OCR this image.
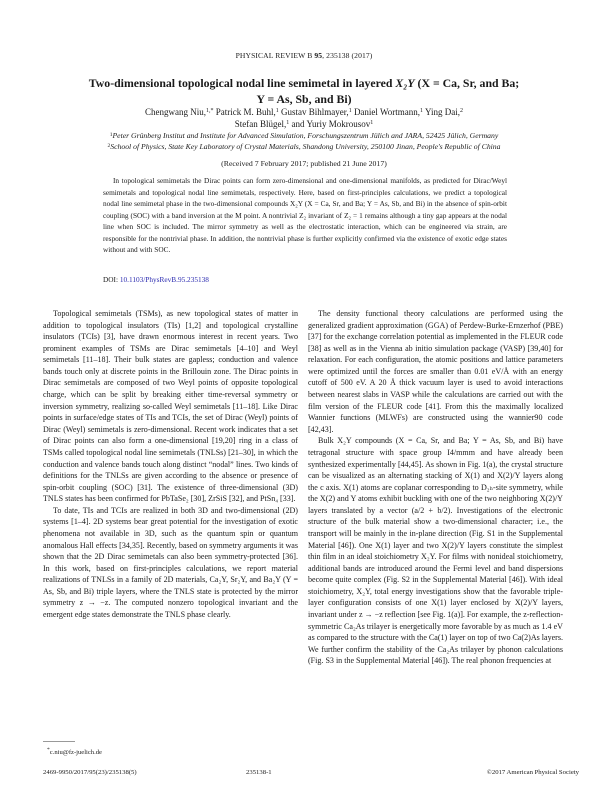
PHYSICAL REVIEW B 95, 235138 (2017)
Two-dimensional topological nodal line semimetal in layered X₂Y (X = Ca, Sr, and Ba;
Y = As, Sb, and Bi)
Chengwang Niu,$^{1,*}$ Patrick M. Buhl,$^1$ Gustav Bihlmayer,$^1$ Daniel Wortmann,$^1$ Ying Dai,$^2$
Stefan Blügel,$^1$ and Yuriy Mokrousov$^1$
$^1$Peter Grünberg Institut and Institute for Advanced Simulation, Forschungszentrum Jülich and JARA, 52425 Jülich, Germany
$^2$School of Physics, State Key Laboratory of Crystal Materials, Shandong University, 250100 Jinan, People's Republic of China
(Received 7 February 2017; published 21 June 2017)
In topological semimetals the Dirac points can form zero-dimensional and one-dimensional manifolds, as predicted for Dirac/Weyl semimetals and topological nodal line semimetals, respectively. Here, based on first-principles calculations, we predict a topological nodal line semimetal phase in the two-dimensional compounds X₂Y (X = Ca, Sr, and Ba; Y = As, Sb, and Bi) in the absence of spin-orbit coupling (SOC) with a band inversion at the M point. A nontrivial Z₂ invariant of Z₂ = 1 remains although a tiny gap appears at the nodal line when SOC is included. The mirror symmetry as well as the electrostatic interaction, which can be engineered via strain, are responsible for the nontrivial phase. In addition, the nontrivial phase is further explicitly confirmed via the existence of exotic edge states without and with SOC.
DOI: 10.1103/PhysRevB.95.235138

Topological semimetals (TSMs), as new topological states of matter in addition to topological insulators (TIs) [1,2] and topological crystalline insulators (TCIs) [3], have drawn enormous interest in recent years. Two prominent examples of TSMs are Dirac semimetals [4–10] and Weyl semimetals [11–18]. Their bulk states are gapless; conduction and valence bands touch only at discrete points in the Brillouin zone. The Dirac points in Dirac semimetals are composed of two Weyl points of opposite topological charge, which can be split by breaking either time-reversal symmetry or inversion symmetry, realizing so-called Weyl semimetals [11–18]. Like Dirac points in surface/edge states of TIs and TCIs, the set of Dirac (Weyl) points of Dirac (Weyl) semimetals is zero-dimensional. Recent work indicates that a set of Dirac points can also form a one-dimensional [19,20] ring in a class of TSMs called topological nodal line semimetals (TNLSs) [21–30], in which the conduction and valence bands touch along distinct “nodal” lines. Two kinds of definitions for the TNLSs are given according to the absence or presence of spin-orbit coupling (SOC) [31]. The existence of three-dimensional (3D) TNLS states has been confirmed for PbTaSe₂ [30], ZrSiS [32], and PtSn₄ [33].

To date, TIs and TCIs are realized in both 3D and two-dimensional (2D) systems [1–4]. 2D systems bear great potential for the investigation of exotic phenomena not available in 3D, such as the quantum spin or quantum anomalous Hall effects [34,35]. Recently, based on symmetry arguments it was shown that the 2D Dirac semimetals can also been symmetry-protected [36]. In this work, based on first-principles calculations, we report material realizations of TNLSs in a family of 2D materials, Ca₂Y, Sr₂Y, and Ba₂Y (Y = As, Sb, and Bi) triple layers, where the TNLS state is protected by the mirror symmetry z → −z. The computed nonzero topological invariant and the emergent edge states demonstrate the TNLS phase clearly.

The density functional theory calculations are performed using the generalized gradient approximation (GGA) of Perdew-Burke-Ernzerhof (PBE) [37] for the exchange correlation potential as implemented in the FLEUR code [38] as well as in the Vienna ab initio simulation package (VASP) [39,40] for relaxation. For each configuration, the atomic positions and lattice parameters were optimized until the forces are smaller than 0.01 eV/Å with an energy cutoff of 500 eV. A 20 Å thick vacuum layer is used to avoid interactions between nearest slabs in VASP while the calculations are carried out with the film version of the FLEUR code [41]. From this the maximally localized Wannier functions (MLWFs) are constructed using the wannier90 code [42,43].

Bulk X₂Y compounds (X = Ca, Sr, and Ba; Y = As, Sb, and Bi) have tetragonal structure with space group I4/mmm and have already been synthesized experimentally [44,45]. As shown in Fig. 1(a), the crystal structure can be visualized as an alternating stacking of X(1) and X(2)/Y layers along the c axis. X(1) atoms are coplanar corresponding to D₂ₕ-site symmetry, while the X(2) and Y atoms exhibit buckling with one of the two neighboring X(2)/Y layers translated by a vector (a/2 + b/2). Investigations of the electronic structure of the bulk material show a two-dimensional character; i.e., the transport will be mainly in the in-plane direction (Fig. S1 in the Supplemental Material [46]). One X(1) layer and two X(2)/Y layers constitute the simplest thin film in an ideal stoichiometry X₂Y. For films with nonideal stoichiometry, additional bands are introduced around the Fermi level and band dispersions become quite complex (Fig. S2 in the Supplemental Material [46]). With ideal stoichiometry, X₂Y, total energy investigations show that the favorable triple-layer configuration consists of one X(1) layer enclosed by X(2)/Y layers, invariant under z → −z reflection [see Fig. 1(a)]. For example, the z-reflection-symmetric Ca₂As trilayer is energetically more favorable by as much as 1.4 eV as compared to the structure with the Ca(1) layer on top of two Ca(2)As layers. We further confirm the stability of the Ca₂As trilayer by phonon calculations (Fig. S3 in the Supplemental Material [46]). The real phonon frequencies at

*c.niu@fz-juelich.de
2469-9950/2017/95(23)/235138(5)	235138-1	©2017 American Physical Society
